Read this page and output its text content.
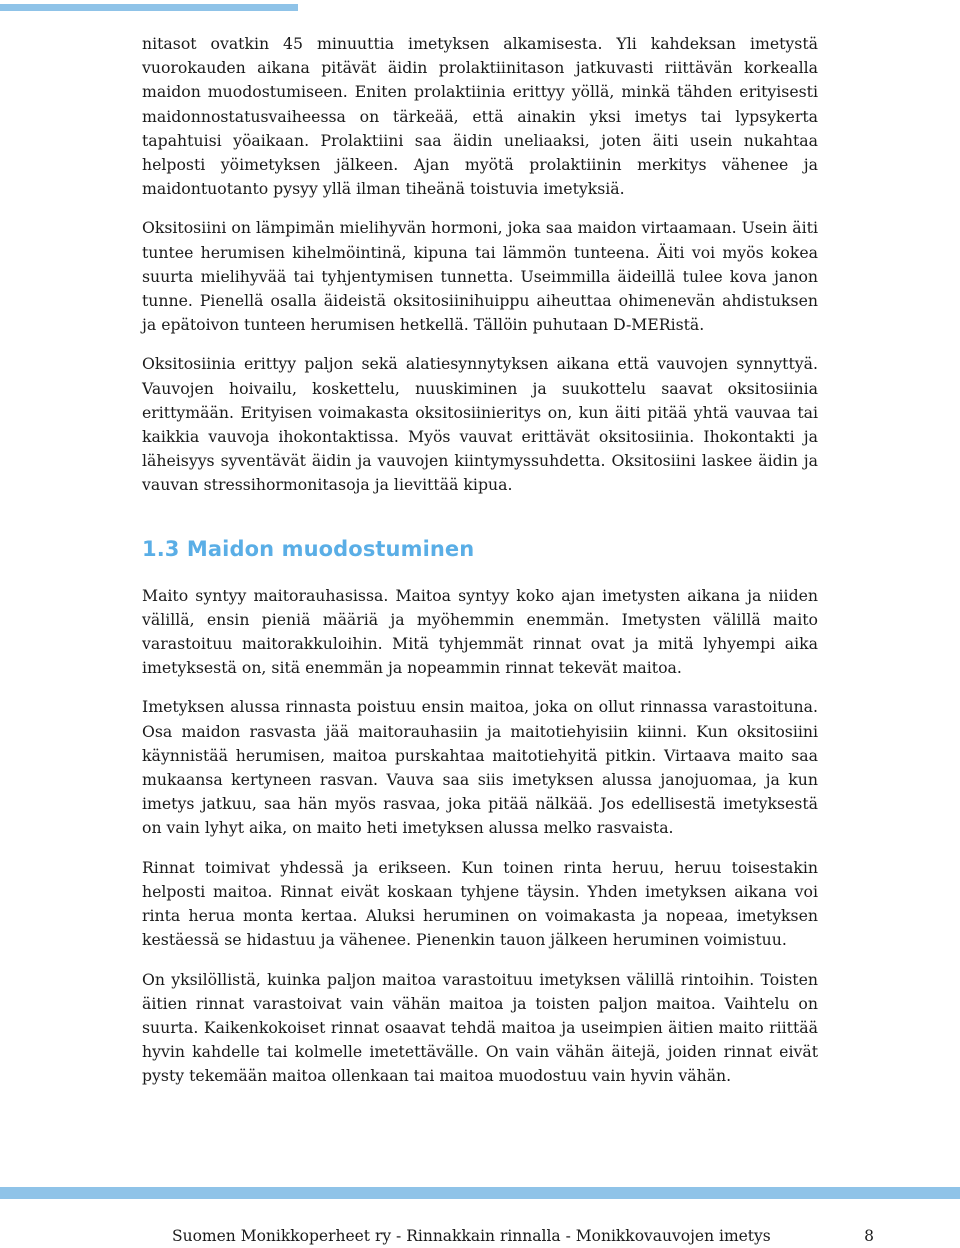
nitasot ovatkin 45 minuuttia imetyksen alkamisesta. Yli kahdeksan imetystä vuorokauden aikana pitävät äidin prolaktiinitason jatkuvasti riittävän korkealla maidon muodostumiseen. Eniten prolaktiinia erittyy yöllä, minkä tähden erityisesti maidonnostatusvaiheessa on tärkeää, että ainakin yksi imetys tai lypsykerta tapahtuisi yöaikaan. Prolaktiini saa äidin uneliaaksi, joten äiti usein nukahtaa helposti yöimetyksen jälkeen. Ajan myötä prolaktiinin merkitys vähenee ja maidontuotanto pysyy yllä ilman tiheänä toistuvia imetyksiä.

Oksitosiini on lämpimän mielihyvän hormoni, joka saa maidon virtaamaan. Usein äiti tuntee herumisen kihelmöintinä, kipuna tai lämmön tunteena. Äiti voi myös kokea suurta mielihyvää tai tyhjentymisen tunnetta. Useimmilla äideillä tulee kova janon tunne. Pienellä osalla äideistä oksitosiinihuippu aiheuttaa ohimenevän ahdistuksen ja epätoivon tunteen herumisen hetkellä. Tällöin puhutaan D-MERistä.

Oksitosiinia erittyy paljon sekä alatiesynnytyksen aikana että vauvojen synnyttyä. Vauvojen hoivailu, koskettelu, nuuskiminen ja suukottelu saavat oksitosiinia erittymään. Erityisen voimakasta oksitosiinieritys on, kun äiti pitää yhtä vauvaa tai kaikkia vauvoja ihokontaktissa. Myös vauvat erittävät oksitosiinia. Ihokontakti ja läheisyys syventävät äidin ja vauvojen kiintymyssuhdetta. Oksitosiini laskee äidin ja vauvan stressihormonitasoja ja lievittää kipua.

1.3 Maidon muodostuminen

Maito syntyy maitorauhasissa. Maitoa syntyy koko ajan imetysten aikana ja niiden välillä, ensin pieniä määriä ja myöhemmin enemmän. Imetysten välillä maito varastoituu maitorakkuloihin. Mitä tyhjemmät rinnat ovat ja mitä lyhyempi aika imetyksestä on, sitä enemmän ja nopeammin rinnat tekevät maitoa.

Imetyksen alussa rinnasta poistuu ensin maitoa, joka on ollut rinnassa varastoituna. Osa maidon rasvasta jää maitorauhasiin ja maitotiehyisiin kiinni. Kun oksitosiini käynnistää herumisen, maitoa purskahtaa maitotiehyitä pitkin. Virtaava maito saa mukaansa kertyneen rasvan. Vauva saa siis imetyksen alussa janojuomaa, ja kun imetys jatkuu, saa hän myös rasvaa, joka pitää nälkää. Jos edellisestä imetyksestä on vain lyhyt aika, on maito heti imetyksen alussa melko rasvaista.

Rinnat toimivat yhdessä ja erikseen. Kun toinen rinta heruu, heruu toisestakin helposti maitoa. Rinnat eivät koskaan tyhjene täysin. Yhden imetyksen aikana voi rinta herua monta kertaa. Aluksi heruminen on voimakasta ja nopeaa, imetyksen kestäessä se hidastuu ja vähenee. Pienenkin tauon jälkeen heruminen voimistuu.

On yksilöllistä, kuinka paljon maitoa varastoituu imetyksen välillä rintoihin. Toisten äitien rinnat varastoivat vain vähän maitoa ja toisten paljon maitoa. Vaihtelu on suurta. Kaikenkokoiset rinnat osaavat tehdä maitoa ja useimpien äitien maito riittää hyvin kahdelle tai kolmelle imetettävälle. On vain vähän äitejä, joiden rinnat eivät pysty tekemään maitoa ollenkaan tai maitoa muodostuu vain hyvin vähän.

Suomen Monikkoperheet ry - Rinnakkain rinnalla - Monikkovauvojen imetys	8
